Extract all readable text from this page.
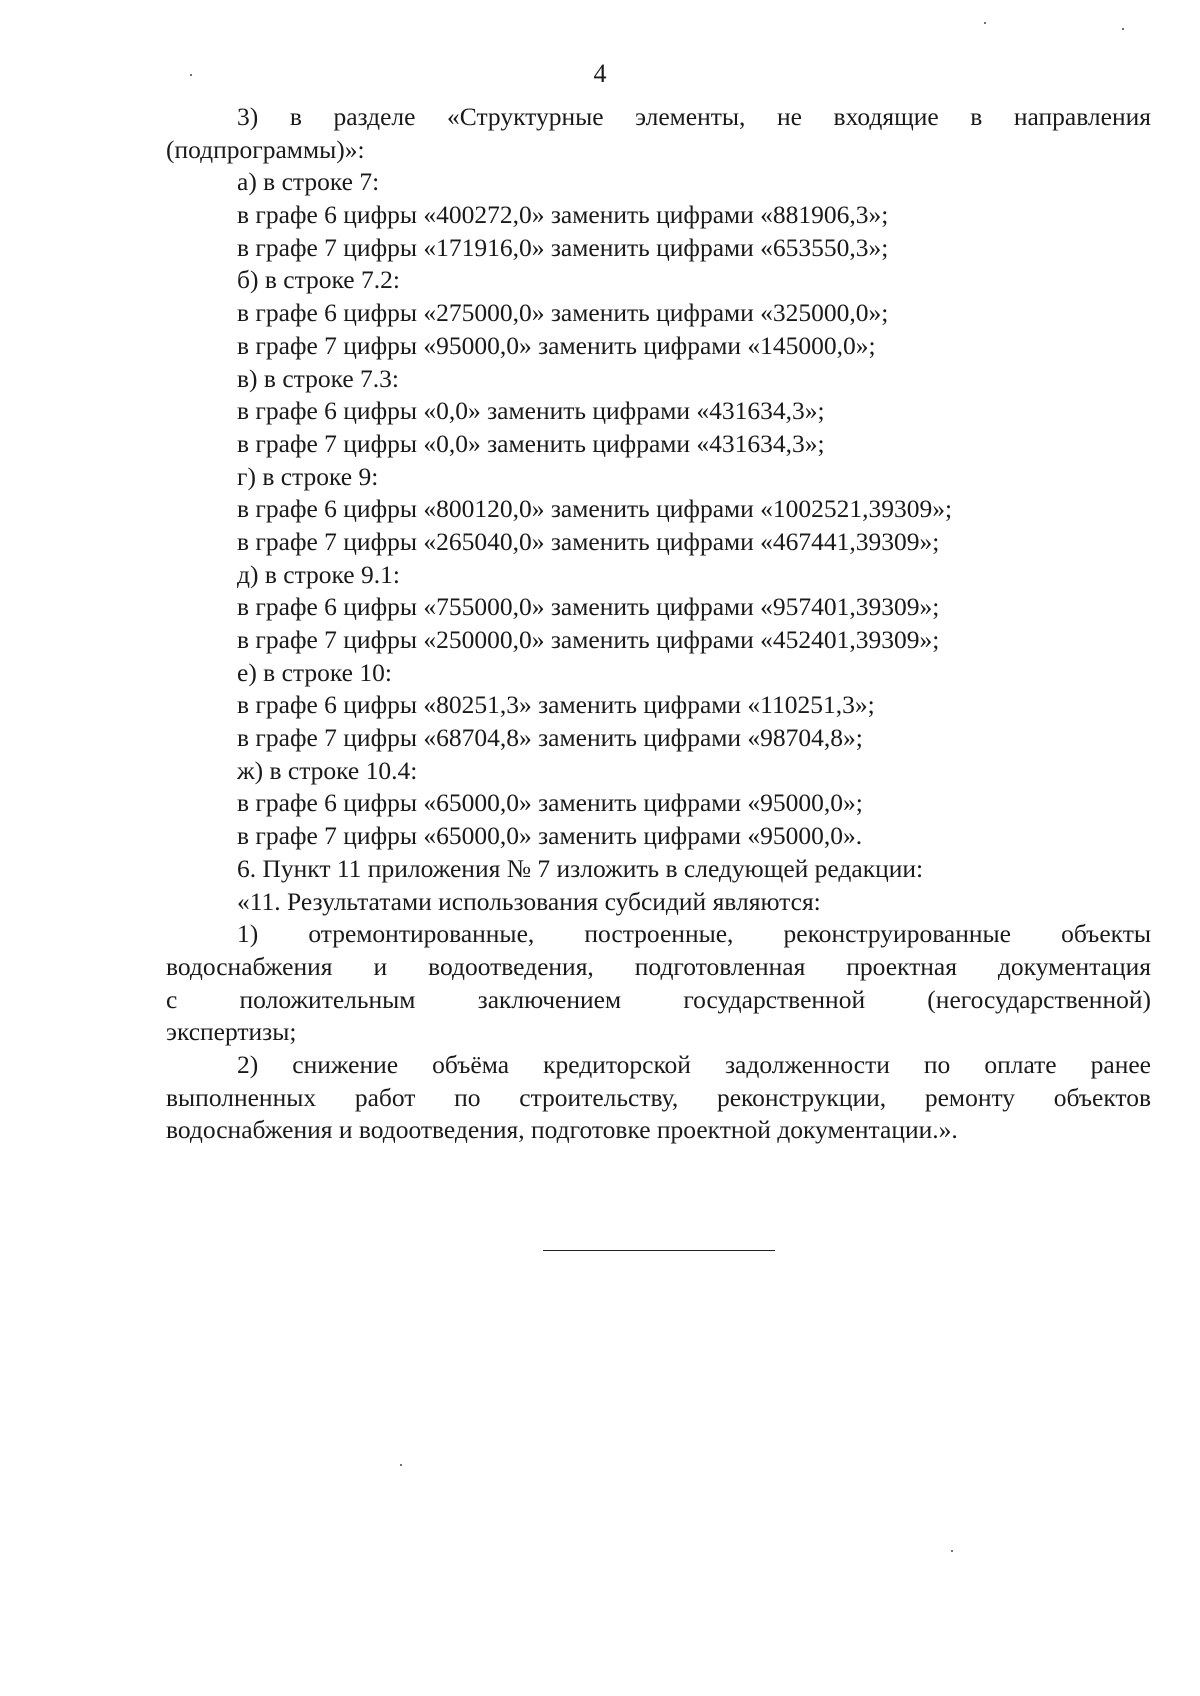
4
3) в разделе «Структурные элементы, не входящие в направления
(подпрограммы)»:
а) в строке 7:
в графе 6 цифры «400272,0» заменить цифрами «881906,3»;
в графе 7 цифры «171916,0» заменить цифрами «653550,3»;
б) в строке 7.2:
в графе 6 цифры «275000,0» заменить цифрами «325000,0»;
в графе 7 цифры «95000,0» заменить цифрами «145000,0»;
в) в строке 7.3:
в графе 6 цифры «0,0» заменить цифрами «431634,3»;
в графе 7 цифры «0,0» заменить цифрами «431634,3»;
г) в строке 9:
в графе 6 цифры «800120,0» заменить цифрами «1002521,39309»;
в графе 7 цифры «265040,0» заменить цифрами «467441,39309»;
д) в строке 9.1:
в графе 6 цифры «755000,0» заменить цифрами «957401,39309»;
в графе 7 цифры «250000,0» заменить цифрами «452401,39309»;
е) в строке 10:
в графе 6 цифры «80251,3» заменить цифрами «110251,3»;
в графе 7 цифры «68704,8» заменить цифрами «98704,8»;
ж) в строке 10.4:
в графе 6 цифры «65000,0» заменить цифрами «95000,0»;
в графе 7 цифры «65000,0» заменить цифрами «95000,0».
6. Пункт 11 приложения № 7 изложить в следующей редакции:
«11. Результатами использования субсидий являются:
1) отремонтированные, построенные, реконструированные объекты
водоснабжения и водоотведения, подготовленная проектная документация
с положительным заключением государственной (негосударственной)
экспертизы;
2) снижение объёма кредиторской задолженности по оплате ранее
выполненных работ по строительству, реконструкции, ремонту объектов
водоснабжения и водоотведения, подготовке проектной документации.».
